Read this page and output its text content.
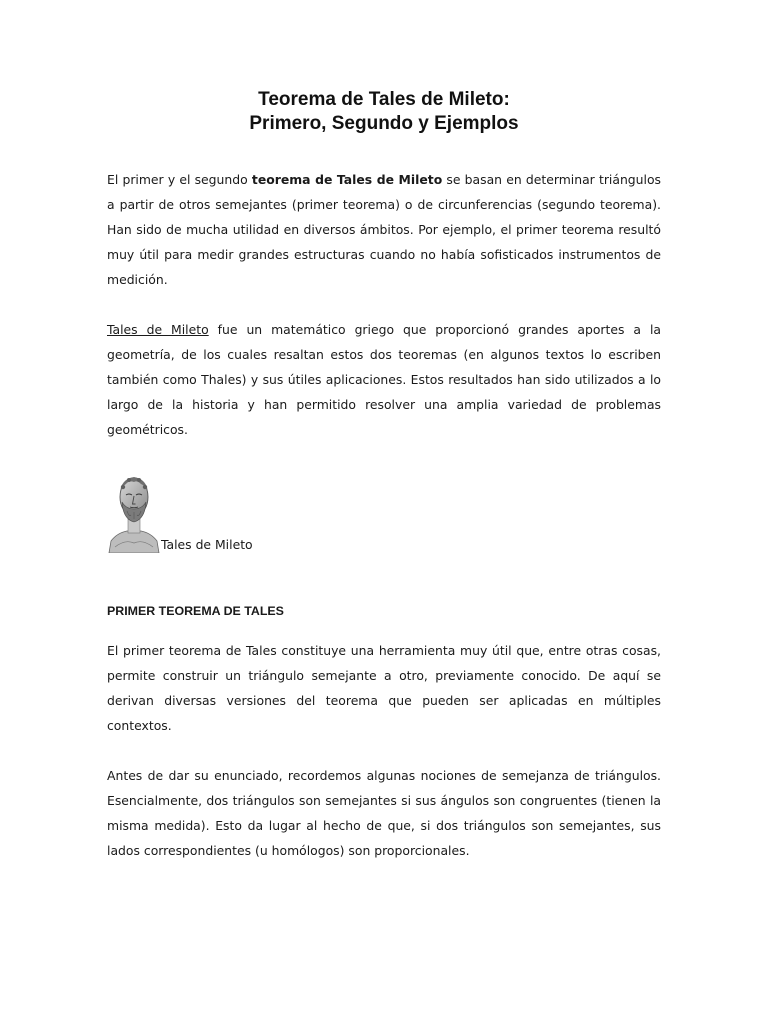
Teorema de Tales de Mileto:
Primero, Segundo y Ejemplos

El primer y el segundo teorema de Tales de Mileto se basan en determinar triángulos a partir de otros semejantes (primer teorema) o de circunferencias (segundo teorema). Han sido de mucha utilidad en diversos ámbitos. Por ejemplo, el primer teorema resultó muy útil para medir grandes estructuras cuando no había sofisticados instrumentos de medición.

Tales de Mileto fue un matemático griego que proporcionó grandes aportes a la geometría, de los cuales resaltan estos dos teoremas (en algunos textos lo escriben también como Thales) y sus útiles aplicaciones. Estos resultados han sido utilizados a lo largo de la historia y han permitido resolver una amplia variedad de problemas geométricos.

Tales de Mileto
PRIMER TEOREMA DE TALES

El primer teorema de Tales constituye una herramienta muy útil que, entre otras cosas, permite construir un triángulo semejante a otro, previamente conocido. De aquí se derivan diversas versiones del teorema que pueden ser aplicadas en múltiples contextos.

Antes de dar su enunciado, recordemos algunas nociones de semejanza de triángulos. Esencialmente, dos triángulos son semejantes si sus ángulos son congruentes (tienen la misma medida). Esto da lugar al hecho de que, si dos triángulos son semejantes, sus lados correspondientes (u homólogos) son proporcionales.
